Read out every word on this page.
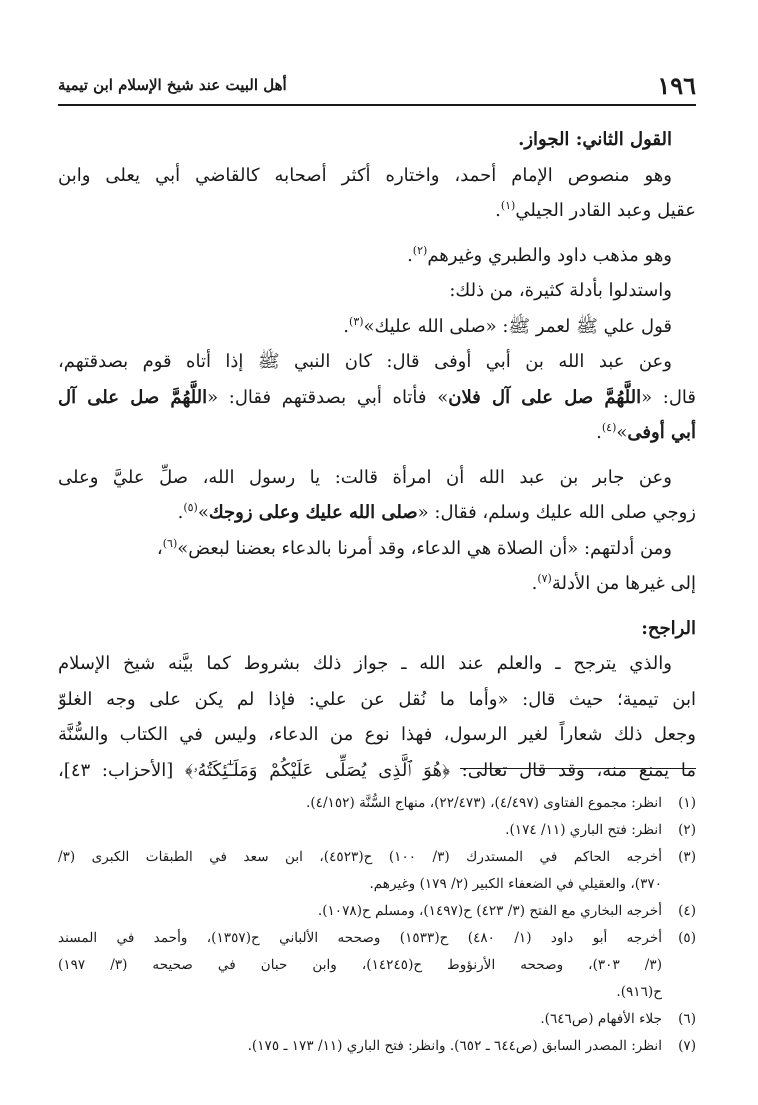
١٩٦
أهل البيت عند شيخ الإسلام ابن تيمية
القول الثاني: الجواز.
وهو منصوص الإمام أحمد، واختاره أكثر أصحابه كالقاضي أبي يعلى وابن
عقيل وعبد القادر الجيلي$^{(١)}$.
وهو مذهب داود والطبري وغيرهم$^{(٢)}$.
واستدلوا بأدلة كثيرة، من ذلك:
قول علي ﷺ لعمر ﷺ: «صلى الله عليك»$^{(٣)}$.
وعن عبد الله بن أبي أوفى قال: كان النبي ﷺ إذا أتاه قوم بصدقتهم،
قال: «اللَّهُمَّ صل على آل فلان» فأتاه أبي بصدقتهم فقال: «اللَّهُمَّ صل على آل
أبي أوفى»$^{(٤)}$.
وعن جابر بن عبد الله أن امرأة قالت: يا رسول الله، صلِّ عليَّ وعلى
زوجي صلى الله عليك وسلم، فقال: «صلى الله عليك وعلى زوجك»$^{(٥)}$.
ومن أدلتهم: «أن الصلاة هي الدعاء، وقد أمرنا بالدعاء بعضنا لبعض»$^{(٦)}$،
إلى غيرها من الأدلة$^{(٧)}$.
الراجح:
والذي يترجح ـ والعلم عند الله ـ جواز ذلك بشروط كما بيَّنه شيخ الإسلام
ابن تيمية؛ حيث قال: «وأما ما نُقل عن علي: فإذا لم يكن على وجه الغلوّ
وجعل ذلك شعاراً لغير الرسول، فهذا نوع من الدعاء، وليس في الكتاب والسُّنَّة
ما يمنع منه، وقد قال تعالى: ﴿هُوَ ٱلَّذِى يُصَلِّى عَلَيْكُمْ وَمَلَـٰٓئِكَتُهُۥ﴾ [الأحزاب: ٤٣]،
(١)
انظر: مجموع الفتاوى (٤/٤٩٧)، (٢٢/٤٧٣)، منهاج السُّنَّة (٤/١٥٢).
(٢)
انظر: فتح الباري (١١/ ١٧٤).
(٣)
أخرجه الحاكم في المستدرك (٣/ ١٠٠) ح(٤٥٢٣)، ابن سعد في الطبقات الكبرى (٣/
٣٧٠)، والعقيلي في الضعفاء الكبير (٢/ ١٧٩) وغيرهم.
(٤)
أخرجه البخاري مع الفتح (٣/ ٤٢٣) ح(١٤٩٧)، ومسلم ح(١٠٧٨).
(٥)
أخرجه أبو داود (١/ ٤٨٠) ح(١٥٣٣) وصححه الألباني ح(١٣٥٧)، وأحمد في المسند
(٣/ ٣٠٣)، وصححه الأرنؤوط ح(١٤٢٤٥)، وابن حبان في صحيحه (٣/ ١٩٧)
ح(٩١٦).
(٦)
جلاء الأفهام (ص٦٤٦).
(٧)
انظر: المصدر السابق (ص٦٤٤ ـ ٦٥٢). وانظر: فتح الباري (١١/ ١٧٣ ـ ١٧٥).
